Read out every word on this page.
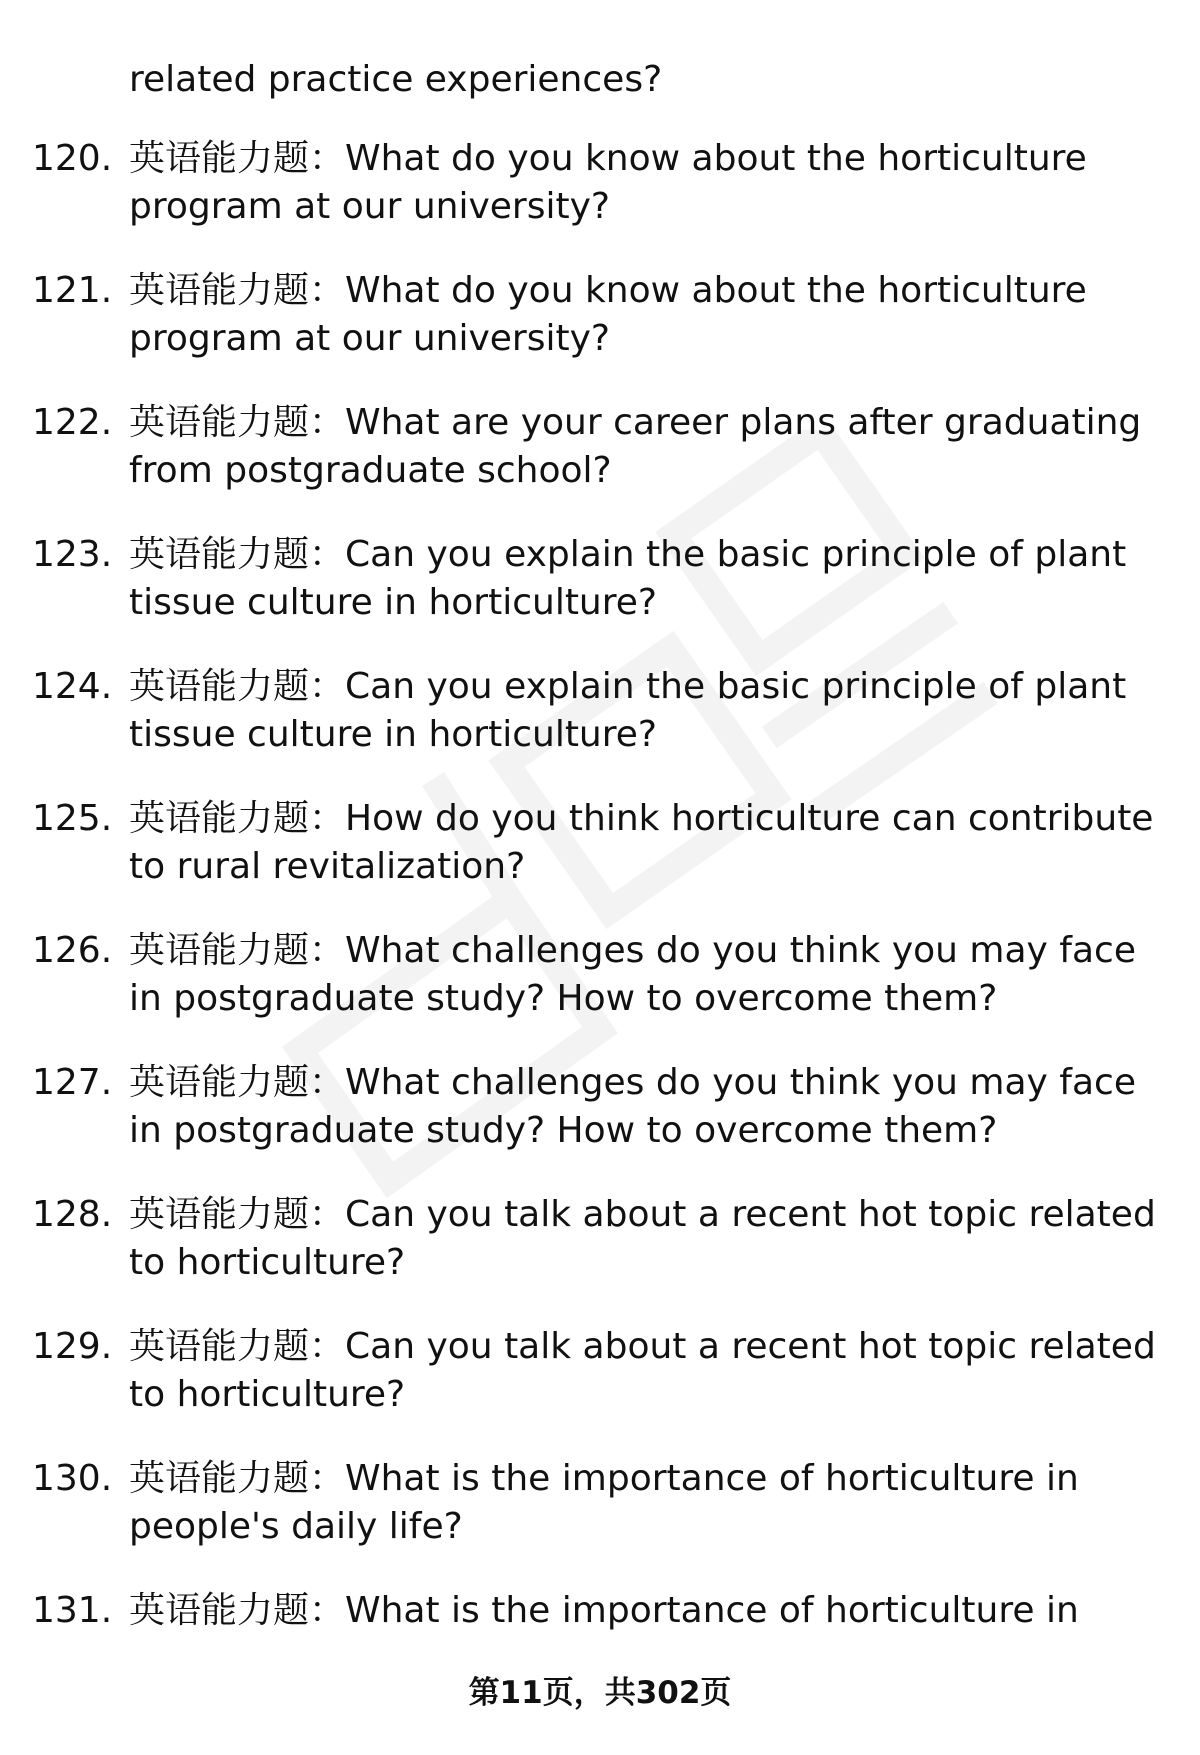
related practice experiences?
120. 英语能力题：What do you know about the horticulture program at our university?
121. 英语能力题：What do you know about the horticulture program at our university?
122. 英语能力题：What are your career plans after graduating from postgraduate school?
123. 英语能力题：Can you explain the basic principle of plant tissue culture in horticulture?
124. 英语能力题：Can you explain the basic principle of plant tissue culture in horticulture?
125. 英语能力题：How do you think horticulture can contribute to rural revitalization?
126. 英语能力题：What challenges do you think you may face in postgraduate study? How to overcome them?
127. 英语能力题：What challenges do you think you may face in postgraduate study? How to overcome them?
128. 英语能力题：Can you talk about a recent hot topic related to horticulture?
129. 英语能力题：Can you talk about a recent hot topic related to horticulture?
130. 英语能力题：What is the importance of horticulture in people's daily life?
131. 英语能力题：What is the importance of horticulture in
第11页，共302页
